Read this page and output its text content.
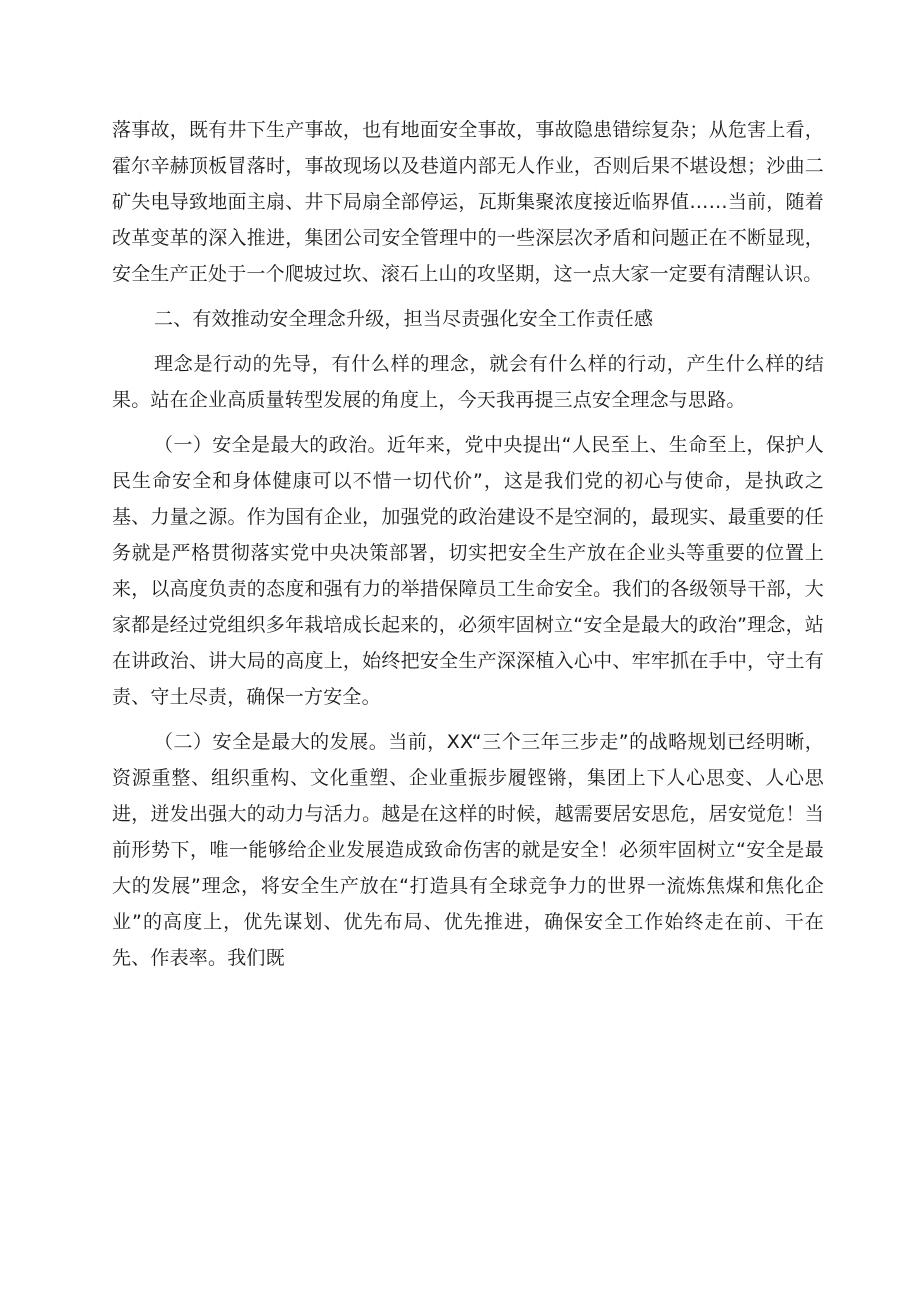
落事故，既有井下生产事故，也有地面安全事故，事故隐患错综复杂；从危害上看，霍尔辛赫顶板冒落时，事故现场以及巷道内部无人作业，否则后果不堪设想；沙曲二矿失电导致地面主扇、井下局扇全部停运，瓦斯集聚浓度接近临界值……当前，随着改革变革的深入推进，集团公司安全管理中的一些深层次矛盾和问题正在不断显现，安全生产正处于一个爬坡过坎、滚石上山的攻坚期，这一点大家一定要有清醒认识。

二、有效推动安全理念升级，担当尽责强化安全工作责任感

理念是行动的先导，有什么样的理念，就会有什么样的行动，产生什么样的结果。站在企业高质量转型发展的角度上，今天我再提三点安全理念与思路。

（一）安全是最大的政治。近年来，党中央提出“人民至上、生命至上，保护人民生命安全和身体健康可以不惜一切代价”，这是我们党的初心与使命，是执政之基、力量之源。作为国有企业，加强党的政治建设不是空洞的，最现实、最重要的任务就是严格贯彻落实党中央决策部署，切实把安全生产放在企业头等重要的位置上来，以高度负责的态度和强有力的举措保障员工生命安全。我们的各级领导干部，大家都是经过党组织多年栽培成长起来的，必须牢固树立“安全是最大的政治”理念，站在讲政治、讲大局的高度上，始终把安全生产深深植入心中、牢牢抓在手中，守土有责、守土尽责，确保一方安全。

（二）安全是最大的发展。当前，XX“三个三年三步走”的战略规划已经明晰，资源重整、组织重构、文化重塑、企业重振步履铿锵，集团上下人心思变、人心思进，迸发出强大的动力与活力。越是在这样的时候，越需要居安思危，居安觉危！当前形势下，唯一能够给企业发展造成致命伤害的就是安全！必须牢固树立“安全是最大的发展”理念，将安全生产放在“打造具有全球竞争力的世界一流炼焦煤和焦化企业”的高度上，优先谋划、优先布局、优先推进，确保安全工作始终走在前、干在先、作表率。我们既
